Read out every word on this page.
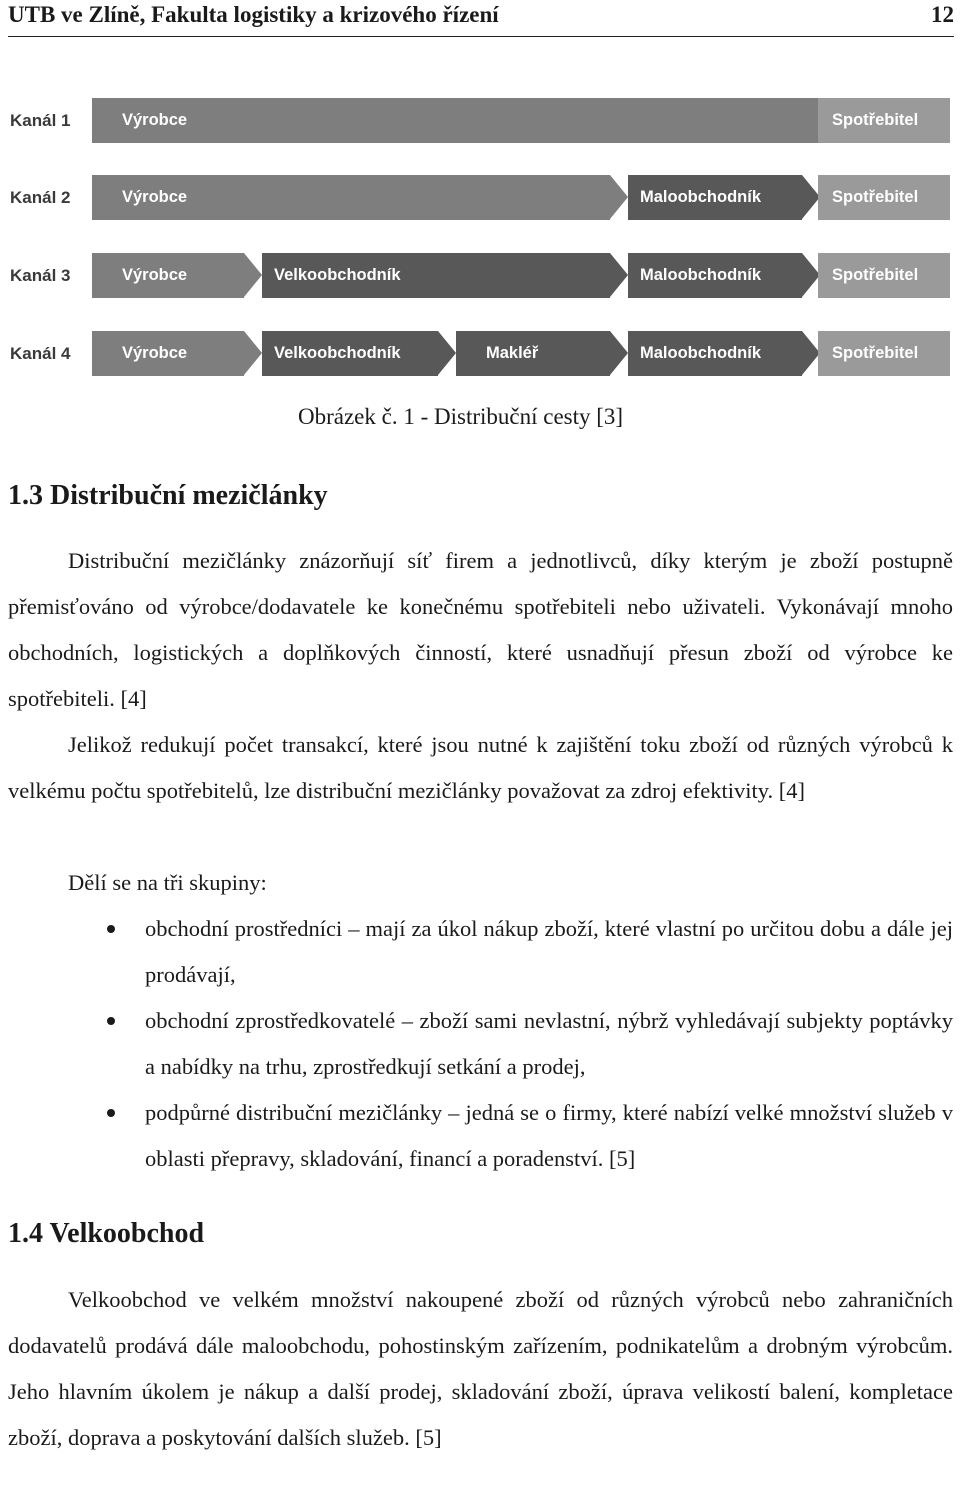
UTB ve Zlíně, Fakulta logistiky a krizového řízení	12
Kanál 1	Výrobce	Spotřebitel
Kanál 2	Výrobce	Maloobchodník	Spotřebitel
Kanál 3	Výrobce	Velkoobchodník	Maloobchodník	Spotřebitel
Kanál 4	Výrobce	Velkoobchodník	Makléř	Maloobchodník	Spotřebitel
Obrázek č. 1 - Distribuční cesty [3]
1.3 Distribuční mezičlánky

Distribuční mezičlánky znázorňují síť firem a jednotlivců, díky kterým je zboží postupně přemisťováno od výrobce/dodavatele ke konečnému spotřebiteli nebo uživateli. Vykonávají mnoho obchodních, logistických a doplňkových činností, které usnadňují přesun zboží od výrobce ke spotřebiteli. [4]

Jelikož redukují počet transakcí, které jsou nutné k zajištění toku zboží od různých výrobců k velkému počtu spotřebitelů, lze distribuční mezičlánky považovat za zdroj efektivity. [4]

Dělí se na tři skupiny:

obchodní prostředníci – mají za úkol nákup zboží, které vlastní po určitou dobu a dále jej prodávají,
obchodní zprostředkovatelé – zboží sami nevlastní, nýbrž vyhledávají subjekty poptávky a nabídky na trhu, zprostředkují setkání a prodej,
podpůrné distribuční mezičlánky – jedná se o firmy, které nabízí velké množství služeb v oblasti přepravy, skladování, financí a poradenství. [5]
1.4 Velkoobchod

Velkoobchod ve velkém množství nakoupené zboží od různých výrobců nebo zahraničních dodavatelů prodává dále maloobchodu, pohostinským zařízením, podnikatelům a drobným výrobcům. Jeho hlavním úkolem je nákup a další prodej, skladování zboží, úprava velikostí balení, kompletace zboží, doprava a poskytování dalších služeb. [5]
